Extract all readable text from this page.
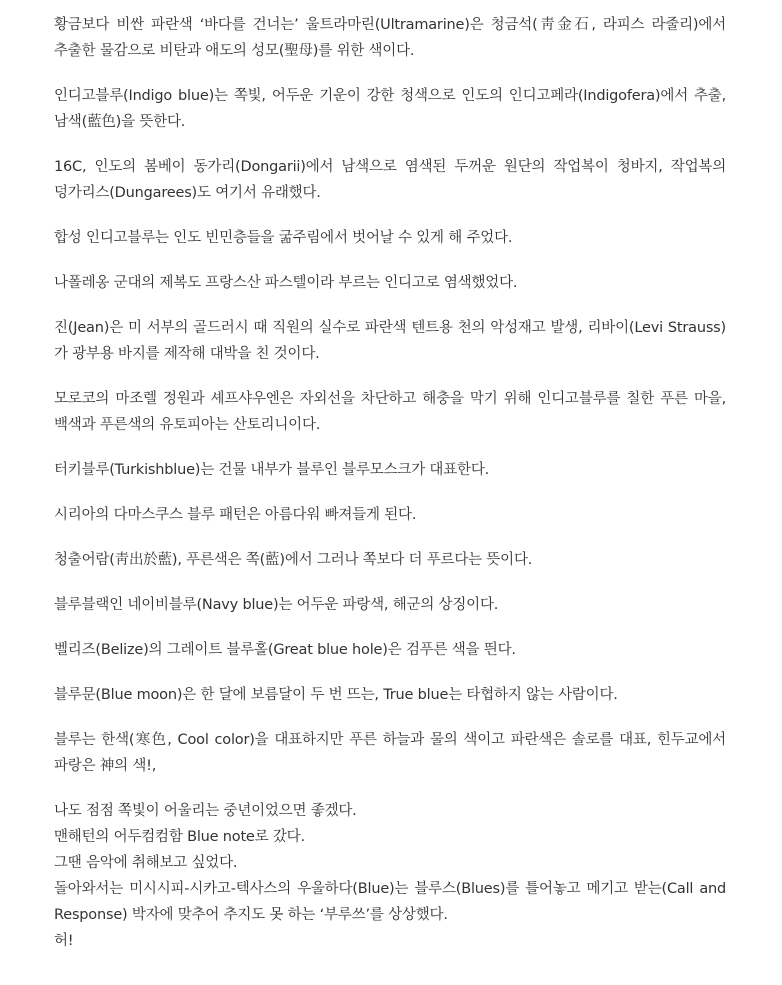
황금보다 비싼 파란색 ‘바다를 건너는’ 울트라마린(Ultramarine)은 청금석(靑金石, 라피스 라줄리)에서 추출한 물감으로 비탄과 애도의 성모(聖母)를 위한 색이다.

인디고블루(Indigo blue)는 쪽빛, 어두운 기운이 강한 청색으로 인도의 인디고페라(Indigofera)에서 추출, 남색(藍色)을 뜻한다.

16C, 인도의 봄베이 동가리(Dongarii)에서 남색으로 염색된 두꺼운 원단의 작업복이 청바지, 작업복의 덩가리스(Dungarees)도 여기서 유래했다.

합성 인디고블루는 인도 빈민층들을 굶주림에서 벗어날 수 있게 해 주었다.

나폴레옹 군대의 제복도 프랑스산 파스텔이라 부르는 인디고로 염색했었다.

진(Jean)은 미 서부의 골드러시 때 직원의 실수로 파란색 텐트용 천의 악성재고 발생, 리바이(Levi Strauss)가 광부용 바지를 제작해 대박을 친 것이다.

모로코의 마조렐 정원과 셰프샤우엔은 자외선을 차단하고 해충을 막기 위해 인디고블루를 칠한 푸른 마을, 백색과 푸른색의 유토피아는 산토리니이다.

터키블루(Turkishblue)는 건물 내부가 블루인 블루모스크가 대표한다.

시리아의 다마스쿠스 블루 패턴은 아름다워 빠져들게 된다.

청출어람(靑出於藍), 푸른색은 쪽(藍)에서 그러나 쪽보다 더 푸르다는 뜻이다.

블루블랙인 네이비블루(Navy blue)는 어두운 파랑색, 해군의 상징이다.

벨리즈(Belize)의 그레이트 블루홀(Great blue hole)은 검푸른 색을 띈다.

블루문(Blue moon)은 한 달에 보름달이 두 번 뜨는, True blue는 타협하지 않는 사람이다.

블루는 한색(寒色, Cool color)을 대표하지만 푸른 하늘과 물의 색이고 파란색은 솔로를 대표, 힌두교에서 파랑은 神의 색!,

나도 점점 쪽빛이 어울리는 중년이었으면 좋겠다.
맨해턴의 어두컴컴함 Blue note로 갔다.
그땐 음악에 취해보고 싶었다.
돌아와서는 미시시피-시카고-텍사스의 우울하다(Blue)는 블루스(Blues)를 틀어놓고 메기고 받는(Call and Response) 박자에 맞추어 추지도 못 하는 ‘부루쓰’를 상상했다.
허!
